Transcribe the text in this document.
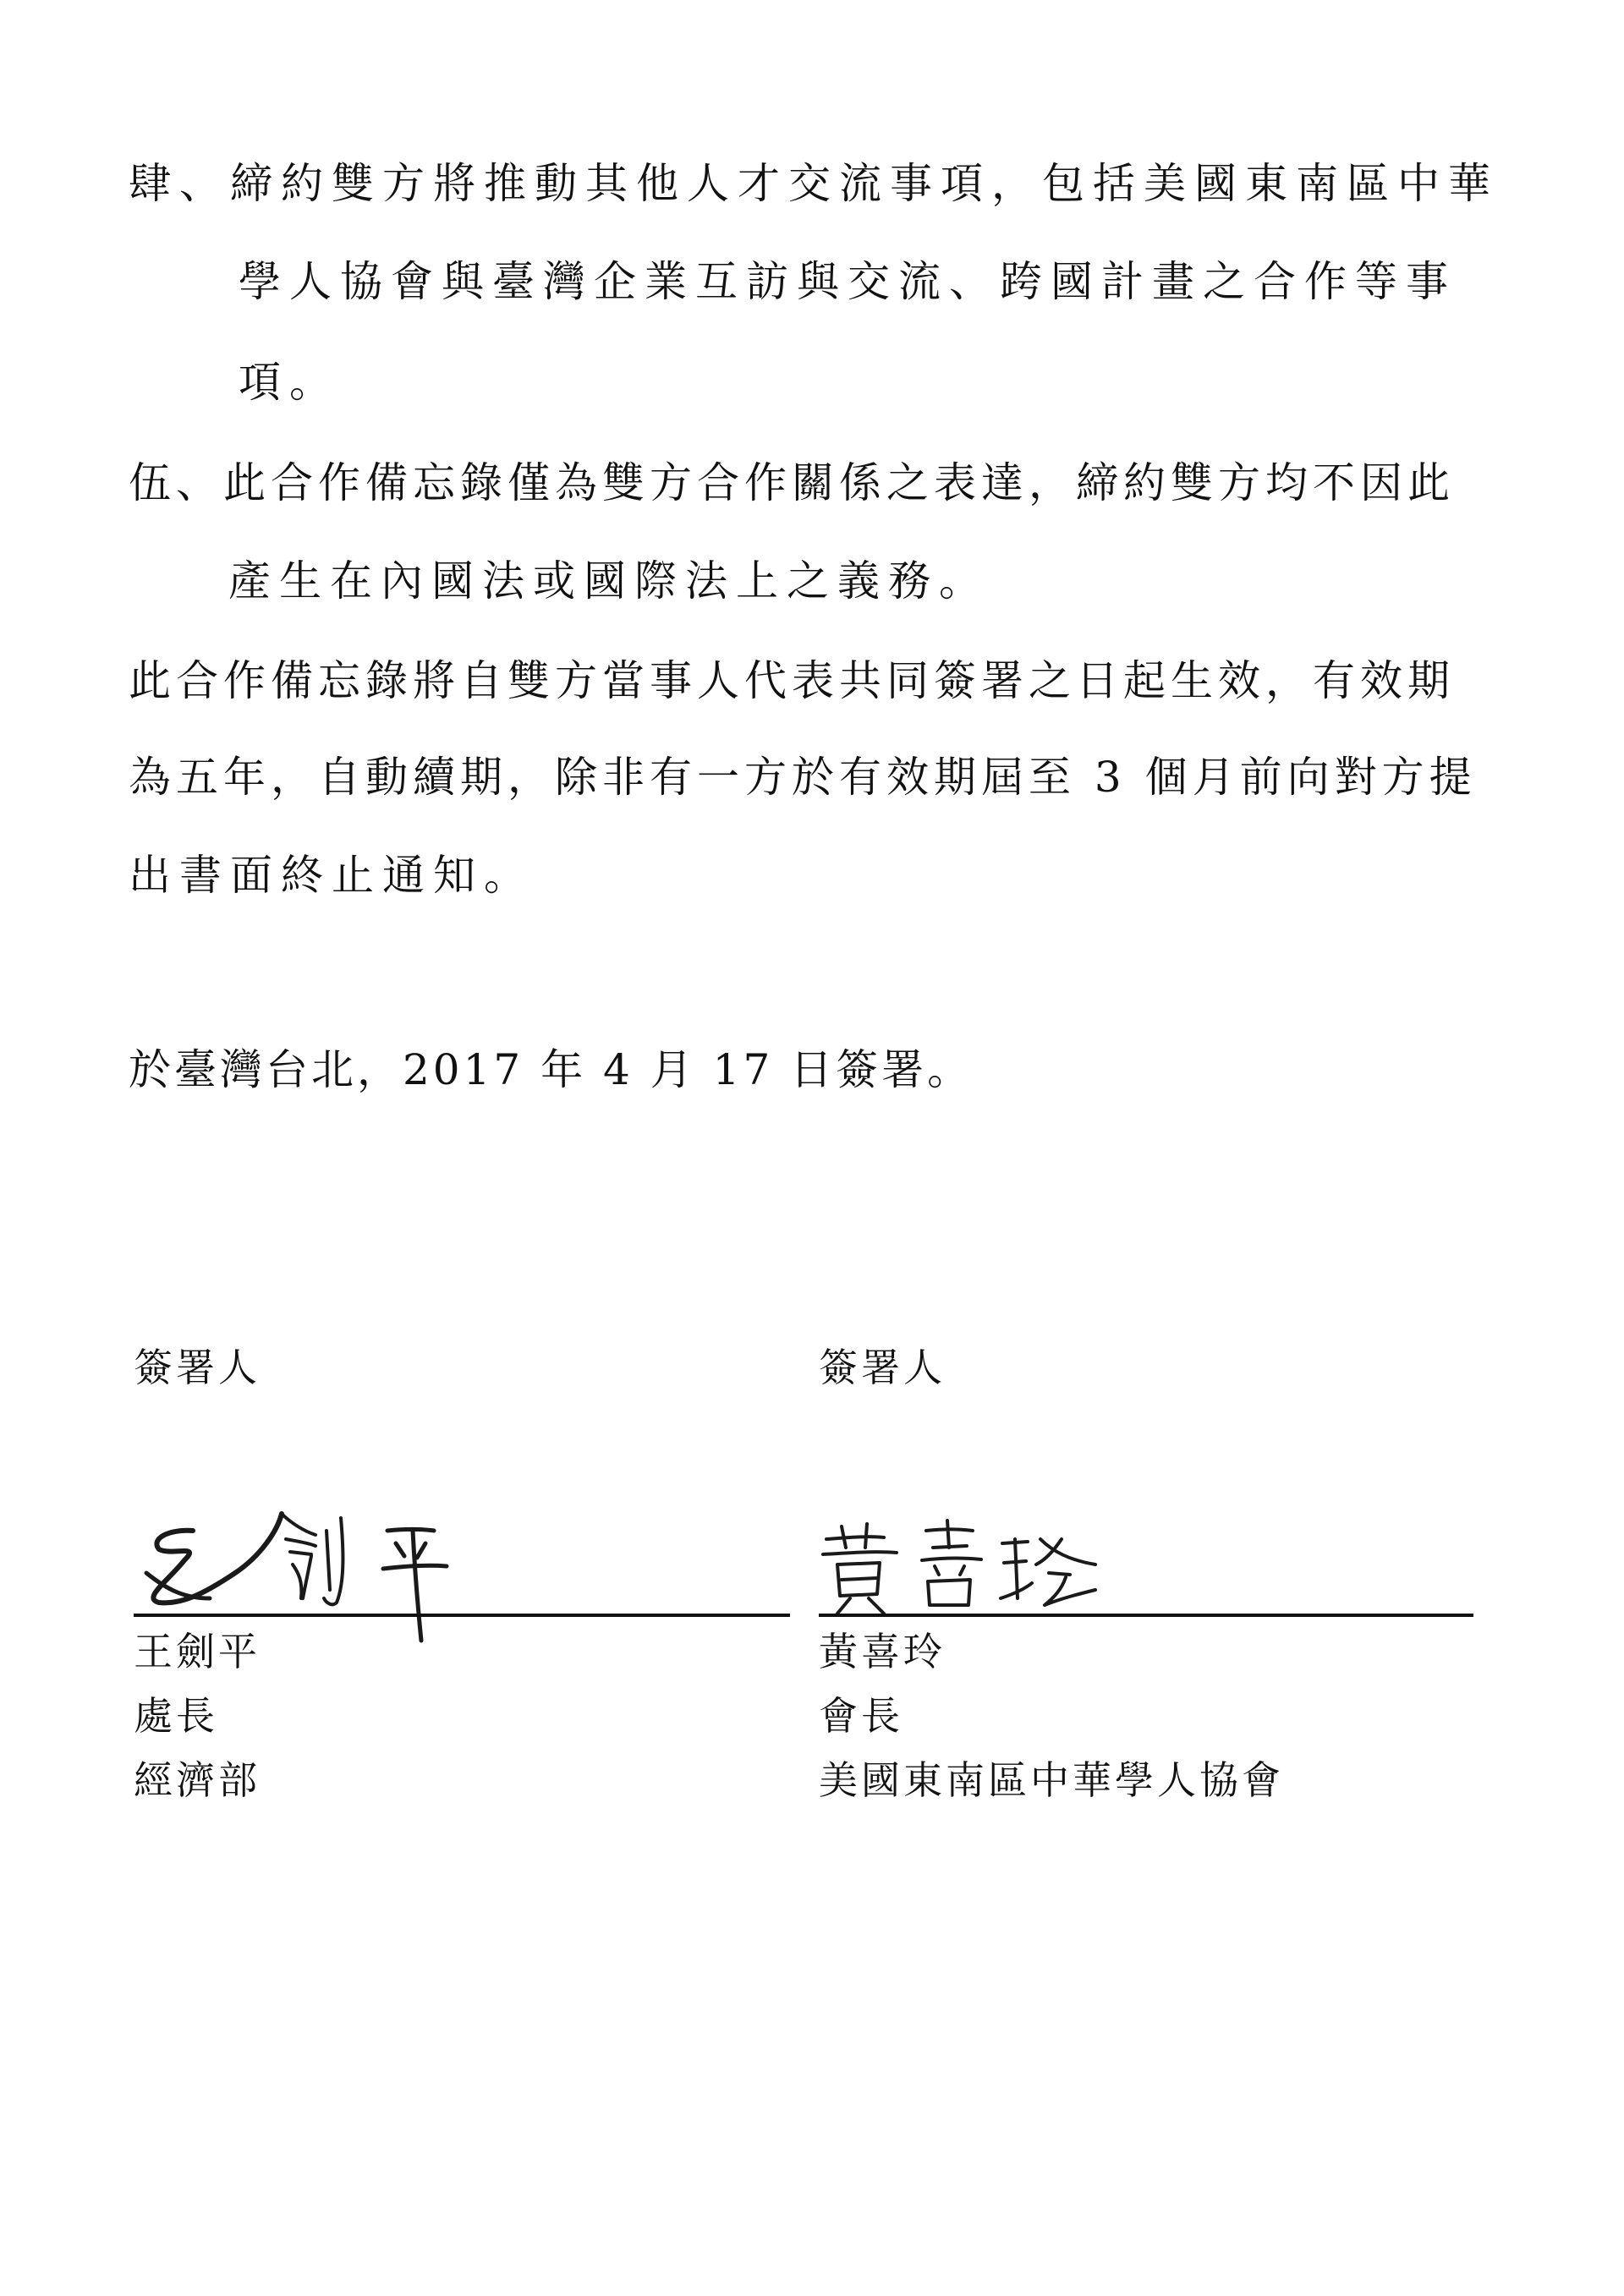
肆、締約雙方將推動其他人才交流事項，包括美國東南區中華
學人協會與臺灣企業互訪與交流、跨國計畫之合作等事
項。
伍、此合作備忘錄僅為雙方合作關係之表達，締約雙方均不因此
產生在內國法或國際法上之義務。
此合作備忘錄將自雙方當事人代表共同簽署之日起生效，有效期
為五年，自動續期，除非有一方於有效期屆至 3 個月前向對方提
出書面終止通知。
於臺灣台北，2017 年 4 月 17 日簽署。
簽署人
王劍平
處長
經濟部
簽署人
黃喜玲
會長
美國東南區中華學人協會
